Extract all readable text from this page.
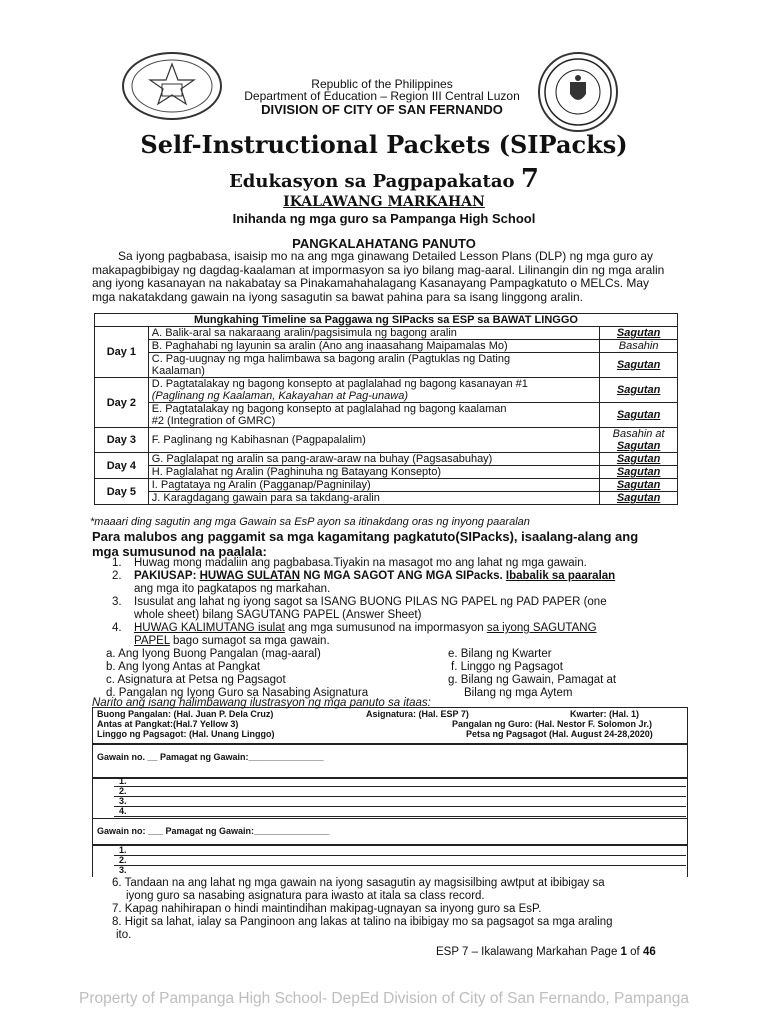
Republic of the Philippines
Department of Education – Region III Central Luzon
DIVISION OF CITY OF SAN FERNANDO
Self-Instructional Packets (SIPacks)
Edukasyon sa Pagpapakatao 7
IKALAWANG MARKAHAN
Inihanda ng mga guro sa Pampanga High School
PANGKALAHATANG PANUTO
Sa iyong pagbabasa, isaisip mo na ang mga ginawang Detailed Lesson Plans (DLP) ng mga guro ay
makapagbibigay ng dagdag-kaalaman at impormasyon sa iyo bilang mag-aaral. Lilinangin din ng mga aralin
ang iyong kasanayan na nakabatay sa Pinakamahahalagang Kasanayang Pampagkatuto o MELCs. May
mga nakatakdang gawain na iyong sasagutin sa bawat pahina para sa isang linggong aralin.
Mungkahing Timeline sa Paggawa ng SIPacks sa ESP sa BAWAT LINGGO		
Day 1	A. Balik-aral sa nakaraang aralin/pagsisimula ng bagong aralin	Sagutan
	B. Paghahabi ng layunin sa aralin (Ano ang inaasahang Maipamalas Mo)	Basahin

	C. Pag-uugnay ng mga halimbawa sa bagong aralin (Pagtuklas ng Dating
Kaalaman)	Sagutan
Day 2	D. Pagtatalakay ng bagong konsepto at paglalahad ng bagong kasanayan #1
(Paglinang ng Kaalaman, Kakayahan at Pag-unawa)	Sagutan

	E. Pagtatalakay ng bagong konsepto at paglalahad ng bagong kaalaman
#2 (Integration of GMRC)	Sagutan
Day 3	F. Paglinang ng Kabihasnan (Pagpapalalim)	Basahin at
Sagutan
Day 4	G. Paglalapat ng aralin sa pang-araw-araw na buhay (Pagsasabuhay)	Sagutan
	H. Paglalahat ng Aralin (Paghinuha ng Batayang Konsepto)	Sagutan
Day 5	I. Pagtataya ng Aralin (Pagganap/Pagninilay)	Sagutan
	J. Karagdagang gawain para sa takdang-aralin	Sagutan
*maaari ding sagutin ang mga Gawain sa EsP ayon sa itinakdang oras ng inyong paaralan
Para malubos ang paggamit sa mga kagamitang pagkatuto(SIPacks), isaalang-alang ang
mga sumusunod na paalala:
1. Huwag mong madaliin ang pagbabasa.Tiyakin na masagot mo ang lahat ng mga gawain.
2. PAKIUSAP: HUWAG SULATAN NG MGA SAGOT ANG MGA SIPacks. Ibabalik sa paaralan
ang mga ito pagkatapos ng markahan.
3. Isusulat ang lahat ng iyong sagot sa ISANG BUONG PILAS NG PAPEL ng PAD PAPER (one
whole sheet) bilang SAGUTANG PAPEL (Answer Sheet)
4. HUWAG KALIMUTANG isulat ang mga sumusunod na impormasyon sa iyong SAGUTANG
PAPEL bago sumagot sa mga gawain.
a. Ang Iyong Buong Pangalan (mag-aaral)
b. Ang Iyong Antas at Pangkat
c. Asignatura at Petsa ng Pagsagot
d. Pangalan ng Iyong Guro sa Nasabing Asignatura
e. Bilang ng Kwarter
f. Linggo ng Pagsagot
g. Bilang ng Gawain, Pamagat at
Bilang ng mga Aytem
Narito ang isang halimbawang ilustrasyon ng mga panuto sa itaas:
Buong Pangalan: (Hal. Juan P. Dela Cruz)	Asignatura: (Hal. ESP 7)	Kwarter: (Hal. 1)
Antas at Pangkat:(Hal.7 Yellow 3)	Pangalan ng Guro: (Hal. Nestor F. Solomon Jr.)
Linggo ng Pagsagot: (Hal. Unang Linggo)	Petsa ng Pagsagot (Hal. August 24-28,2020)
Gawain no. __ Pamagat ng Gawain:_______________
1.
2.
3.
4.
Gawain no: ___ Pamagat ng Gawain:_______________
1.
2.
3.
6. Tandaan na ang lahat ng mga gawain na iyong sasagutin ay magsisilbing awtput at ibibigay sa
iyong guro sa nasabing asignatura para iwasto at itala sa class record.
7. Kapag nahihirapan o hindi maintindihan makipag-ugnayan sa inyong guro sa EsP.
8. Higit sa lahat, ialay sa Panginoon ang lakas at talino na ibibigay mo sa pagsagot sa mga araling
ito.
ESP 7 – Ikalawang Markahan Page 1 of 46
Property of Pampanga High School- DepEd Division of City of San Fernando, Pampanga
